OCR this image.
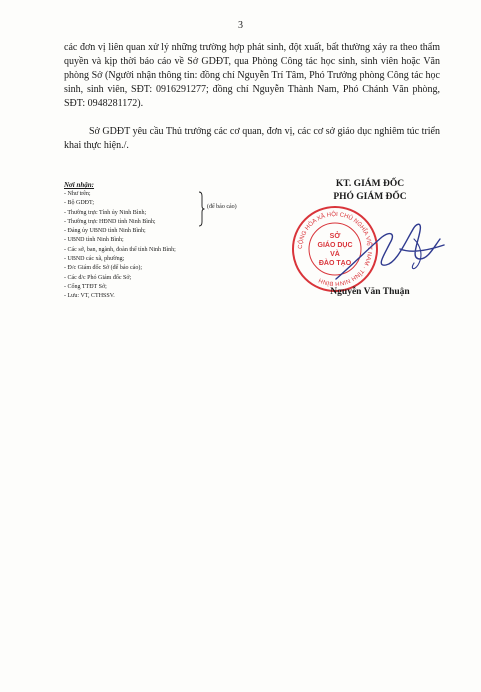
3

các đơn vị liên quan xử lý những trường hợp phát sinh, đột xuất, bất thường xảy ra theo thẩm quyền và kịp thời báo cáo về Sở GDĐT, qua Phòng Công tác học sinh, sinh viên hoặc Văn phòng Sở (Người nhận thông tin: đồng chí Nguyễn Trí Tâm, Phó Trưởng phòng Công tác học sinh, sinh viên, SĐT: 0916291277; đồng chí Nguyễn Thành Nam, Phó Chánh Văn phòng, SĐT: 0948281172).

Sở GDĐT yêu cầu Thủ trưởng các cơ quan, đơn vị, các cơ sở giáo dục nghiêm túc triển khai thực hiện./.

Nơi nhận:
- Như trên;
- Bộ GDĐT;
- Thường trực Tỉnh ủy Ninh Bình;
- Thường trực HĐND tỉnh Ninh Bình;
- Đảng ủy UBND tỉnh Ninh Bình;
- UBND tỉnh Ninh Bình;
- Các sở, ban, ngành, đoàn thể tỉnh Ninh Bình;
- UBND các xã, phường;
- Đ/c Giám đốc Sở (để báo cáo);
- Các đ/c Phó Giám đốc Sở;
- Cổng TTĐT Sở;
- Lưu: VT, CTHSSV.
(để báo cáo)
KT. GIÁM ĐỐC
PHÓ GIÁM ĐỐC
CỘNG HÒA XÃ HỘI CHỦ NGHĨA VIỆT NAM · TỈNH NINH BÌNH
SỞ
GIÁO DỤC
VÀ
ĐÀO TẠO
Nguyễn Văn Thuận
